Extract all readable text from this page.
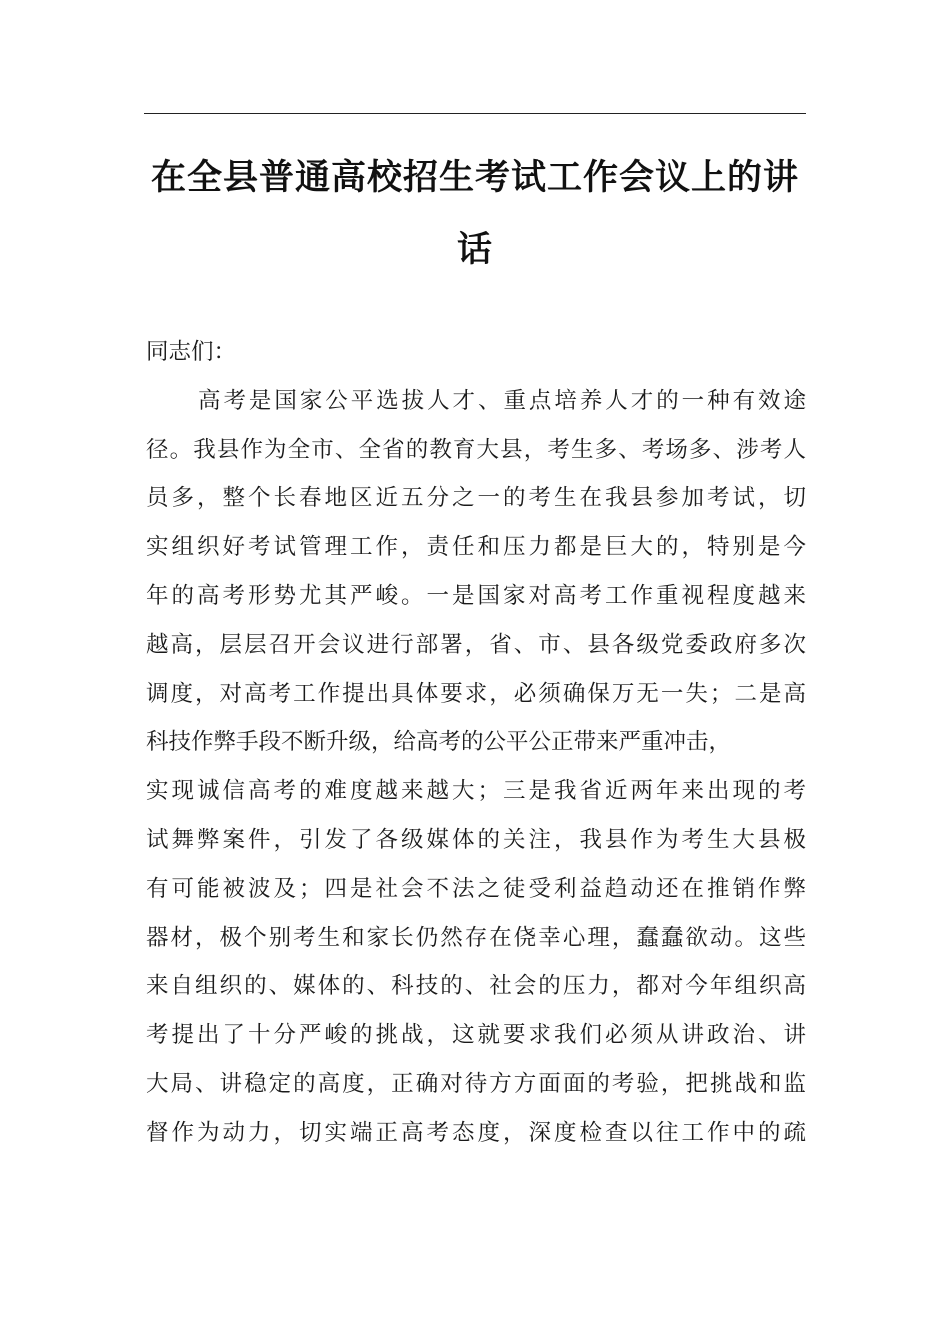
在全县普通高校招生考试工作会议上的讲
话
同志们：
高考是国家公平选拔人才、重点培养人才的一种有效途
径。我县作为全市、全省的教育大县，考生多、考场多、涉考人
员多，整个长春地区近五分之一的考生在我县参加考试，切
实组织好考试管理工作，责任和压力都是巨大的，特别是今
年的高考形势尤其严峻。一是国家对高考工作重视程度越来
越高，层层召开会议进行部署，省、市、县各级党委政府多次
调度，对高考工作提出具体要求，必须确保万无一失；二是高
科技作弊手段不断升级，给高考的公平公正带来严重冲击，
实现诚信高考的难度越来越大；三是我省近两年来出现的考
试舞弊案件，引发了各级媒体的关注，我县作为考生大县极
有可能被波及；四是社会不法之徒受利益趋动还在推销作弊
器材，极个别考生和家长仍然存在侥幸心理，蠢蠢欲动。这些
来自组织的、媒体的、科技的、社会的压力，都对今年组织高
考提出了十分严峻的挑战，这就要求我们必须从讲政治、讲
大局、讲稳定的高度，正确对待方方面面的考验，把挑战和监
督作为动力，切实端正高考态度，深度检查以往工作中的疏
